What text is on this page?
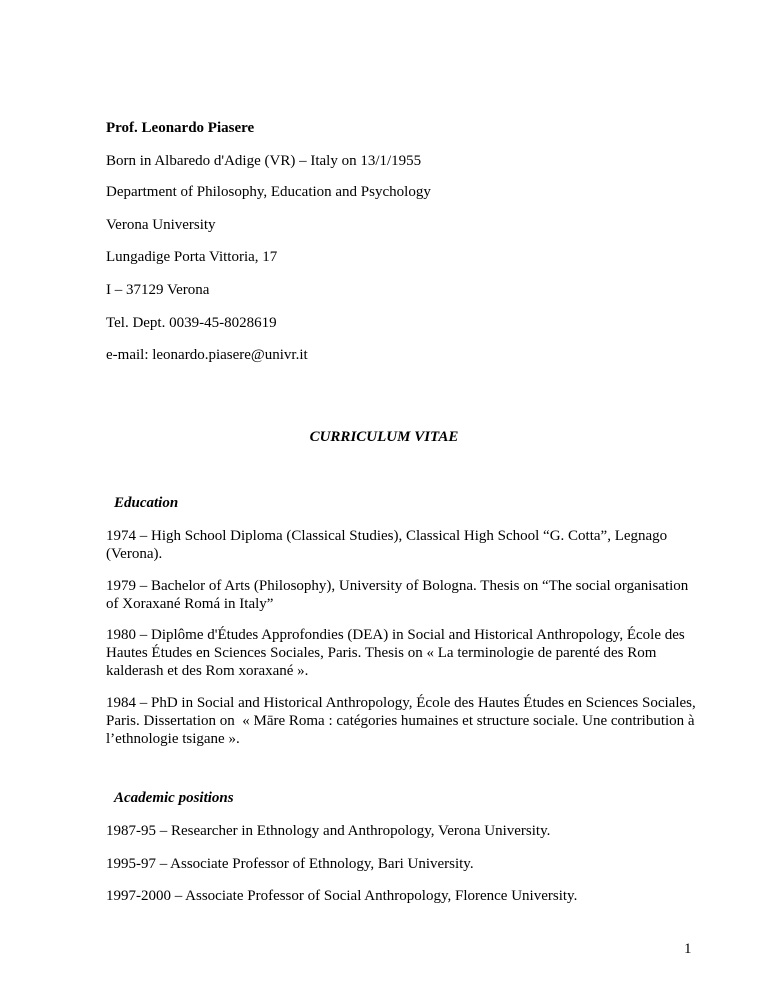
Prof. Leonardo Piasere
Born in Albaredo d'Adige (VR) – Italy on 13/1/1955
Department of Philosophy, Education and Psychology
Verona University
Lungadige Porta Vittoria, 17
I – 37129 Verona
Tel. Dept. 0039-45-8028619
e-mail: leonardo.piasere@univr.it
CURRICULUM VITAE
Education
1974 – High School Diploma (Classical Studies), Classical High School “G. Cotta”, Legnago (Verona).
1979 – Bachelor of Arts (Philosophy), University of Bologna. Thesis on “The social organisation of Xoraxané Romá in Italy”
1980 – Diplôme d'Études Approfondies (DEA) in Social and Historical Anthropology, École des Hautes Études en Sciences Sociales, Paris. Thesis on « La terminologie de parenté des Rom kalderash et des Rom xoraxané ».
1984 – PhD in Social and Historical Anthropology, École des Hautes Études en Sciences Sociales, Paris. Dissertation on  « Māre Roma : catégories humaines et structure sociale. Une contribution à l’ethnologie tsigane ».
Academic positions
1987-95 – Researcher in Ethnology and Anthropology, Verona University.
1995-97 – Associate Professor of Ethnology, Bari University.
1997-2000 – Associate Professor of Social Anthropology, Florence University.
1
